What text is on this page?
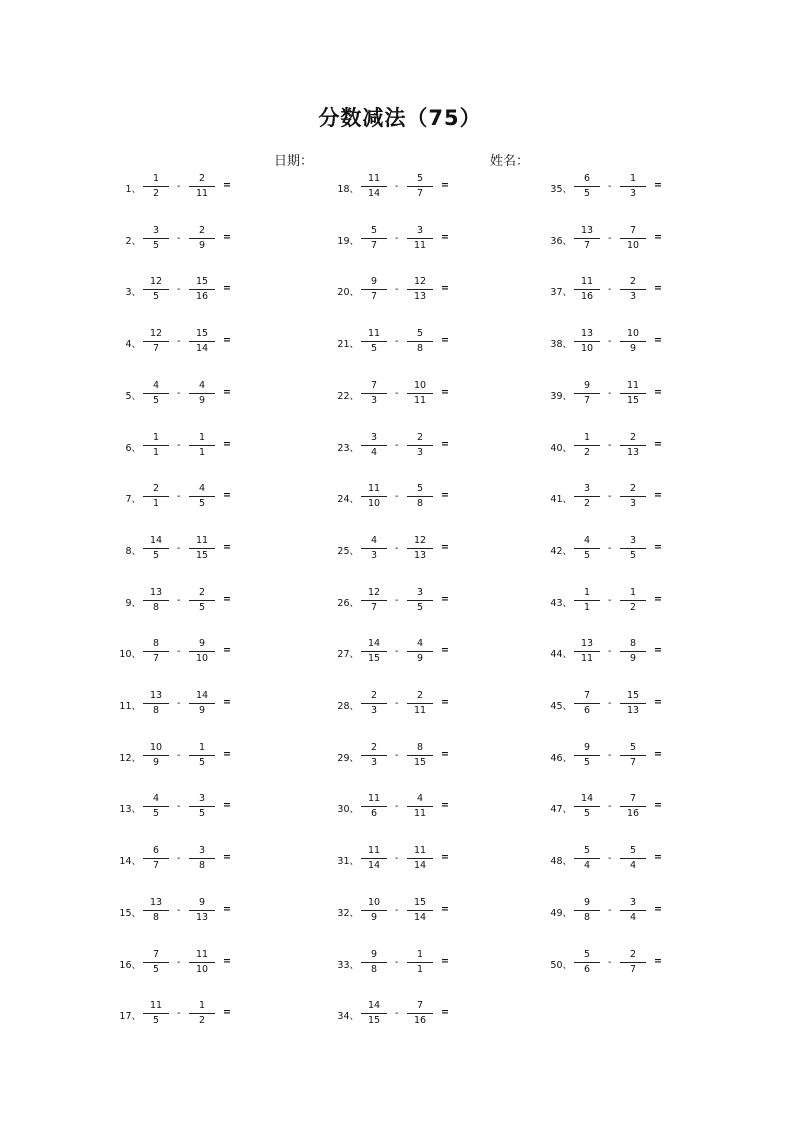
分数减法（75）
日期：	姓名：
1、
1
2
-
2
11
=
2、
3
5
-
2
9
=
3、
12
5
-
15
16
=
4、
12
7
-
15
14
=
5、
4
5
-
4
9
=
6、
1
1
-
1
1
=
7、
2
1
-
4
5
=
8、
14
5
-
11
15
=
9、
13
8
-
2
5
=
10、
8
7
-
9
10
=
11、
13
8
-
14
9
=
12、
10
9
-
1
5
=
13、
4
5
-
3
5
=
14、
6
7
-
3
8
=
15、
13
8
-
9
13
=
16、
7
5
-
11
10
=
17、
11
5
-
1
2
=
18、
11
14
-
5
7
=
19、
5
7
-
3
11
=
20、
9
7
-
12
13
=
21、
11
5
-
5
8
=
22、
7
3
-
10
11
=
23、
3
4
-
2
3
=
24、
11
10
-
5
8
=
25、
4
3
-
12
13
=
26、
12
7
-
3
5
=
27、
14
15
-
4
9
=
28、
2
3
-
2
11
=
29、
2
3
-
8
15
=
30、
11
6
-
4
11
=
31、
11
14
-
11
14
=
32、
10
9
-
15
14
=
33、
9
8
-
1
1
=
34、
14
15
-
7
16
=
35、
6
5
-
1
3
=
36、
13
7
-
7
10
=
37、
11
16
-
2
3
=
38、
13
10
-
10
9
=
39、
9
7
-
11
15
=
40、
1
2
-
2
13
=
41、
3
2
-
2
3
=
42、
4
5
-
3
5
=
43、
1
1
-
1
2
=
44、
13
11
-
8
9
=
45、
7
6
-
15
13
=
46、
9
5
-
5
7
=
47、
14
5
-
7
16
=
48、
5
4
-
5
4
=
49、
9
8
-
3
4
=
50、
5
6
-
2
7
=
